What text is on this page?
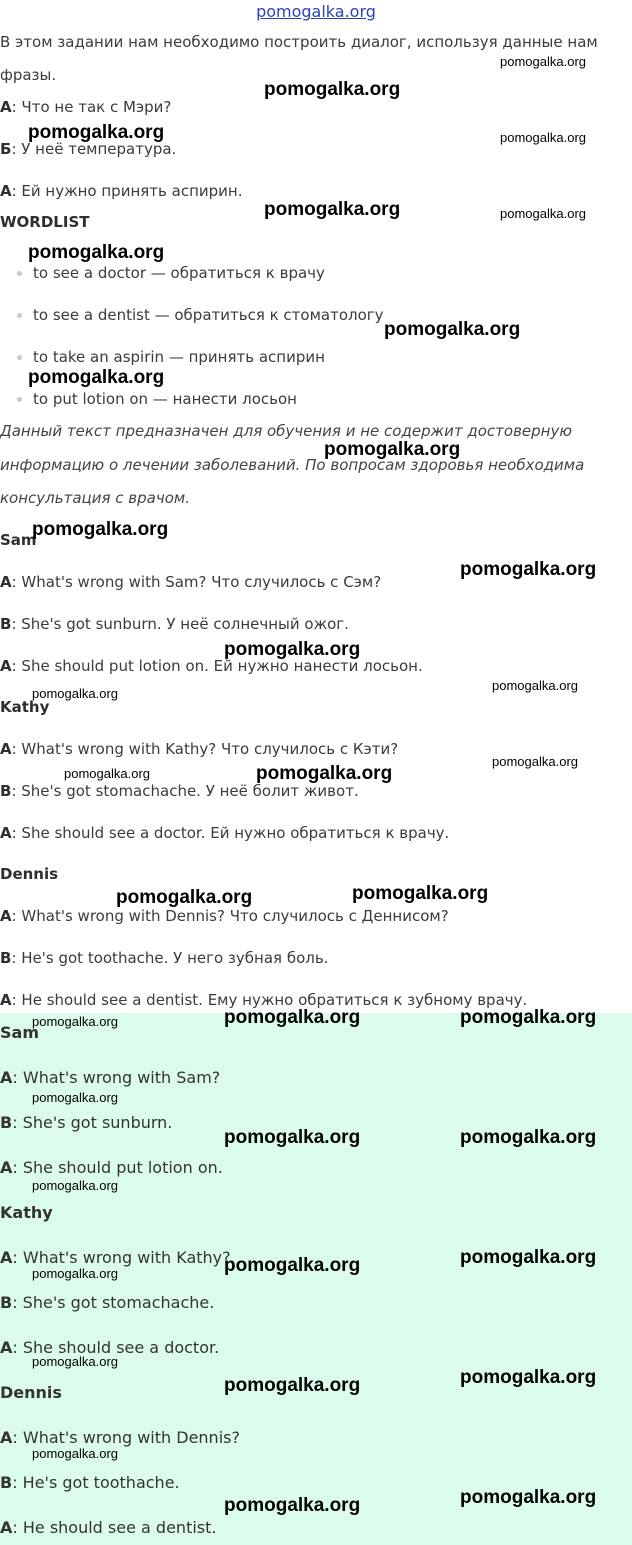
pomogalka.org
В этом задании нам необходимо построить диалог, используя данные нам
фразы.
А: Что не так с Мэри?
Б: У неё температура.
А: Ей нужно принять аспирин.
WORDLIST
to see a doctor — обратиться к врачу
to see a dentist — обратиться к стоматологу
to take an aspirin — принять аспирин
to put lotion on — нанести лосьон
Данный текст предназначен для обучения и не содержит достоверную
информацию о лечении заболеваний. По вопросам здоровья необходима
консультация с врачом.
Sam
A: What's wrong with Sam? Что случилось с Сэм?
B: She's got sunburn. У неё солнечный ожог.
A: She should put lotion on. Ей нужно нанести лосьон.
Kathy
A: What's wrong with Kathy? Что случилось с Кэти?
B: She's got stomachache. У неё болит живот.
A: She should see a doctor. Ей нужно обратиться к врачу.
Dennis
A: What's wrong with Dennis? Что случилось с Деннисом?
B: He's got toothache. У него зубная боль.
A: He should see a dentist. Ему нужно обратиться к зубному врачу.
Sam
A: What's wrong with Sam?
B: She's got sunburn.
A: She should put lotion on.
Kathy
A: What's wrong with Kathy?
B: She's got stomachache.
A: She should see a doctor.
Dennis
A: What's wrong with Dennis?
B: He's got toothache.
A: He should see a dentist.
pomogalka.org
pomogalka.org
pomogalka.org	pomogalka.org
pomogalka.org	pomogalka.org
pomogalka.org
pomogalka.org
pomogalka.org
pomogalka.org
pomogalka.org
pomogalka.org
pomogalka.org
pomogalka.org
pomogalka.org
pomogalka.org
pomogalka.org
pomogalka.org
pomogalka.org
pomogalka.org
pomogalka.org	pomogalka.org
pomogalka.org
pomogalka.org
pomogalka.org	pomogalka.org
pomogalka.org
pomogalka.org
pomogalka.org
pomogalka.org
pomogalka.org
pomogalka.org
pomogalka.org
pomogalka.org
pomogalka.org
pomogalka.org
